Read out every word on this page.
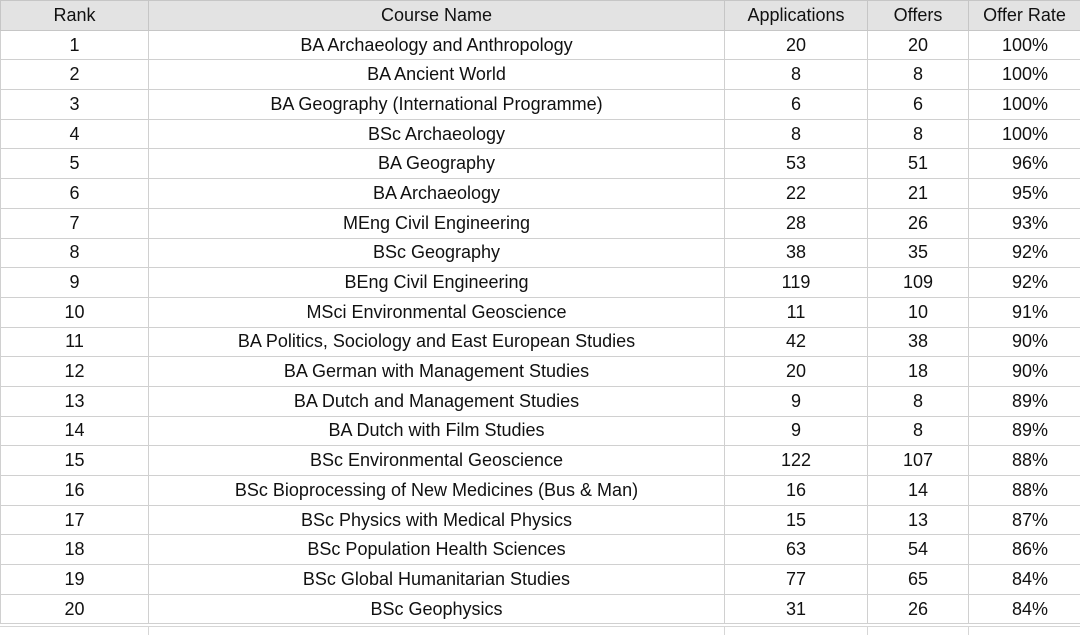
Rank	Course Name	Applications	Offers	Offer Rate
1	BA Archaeology and Anthropology	20	20	100%
2	BA Ancient World	8	8	100%
3	BA Geography (International Programme)	6	6	100%
4	BSc Archaeology	8	8	100%
5	BA Geography	53	51	96%
6	BA Archaeology	22	21	95%
7	MEng Civil Engineering	28	26	93%
8	BSc Geography	38	35	92%
9	BEng Civil Engineering	119	109	92%
10	MSci Environmental Geoscience	11	10	91%
11	BA Politics, Sociology and East European Studies	42	38	90%
12	BA German with Management Studies	20	18	90%
13	BA Dutch and Management Studies	9	8	89%
14	BA Dutch with Film Studies	9	8	89%
15	BSc Environmental Geoscience	122	107	88%
16	BSc Bioprocessing of New Medicines (Bus & Man)	16	14	88%
17	BSc Physics with Medical Physics	15	13	87%
18	BSc Population Health Sciences	63	54	86%
19	BSc Global Humanitarian Studies	77	65	84%
20	BSc Geophysics	31	26	84%
